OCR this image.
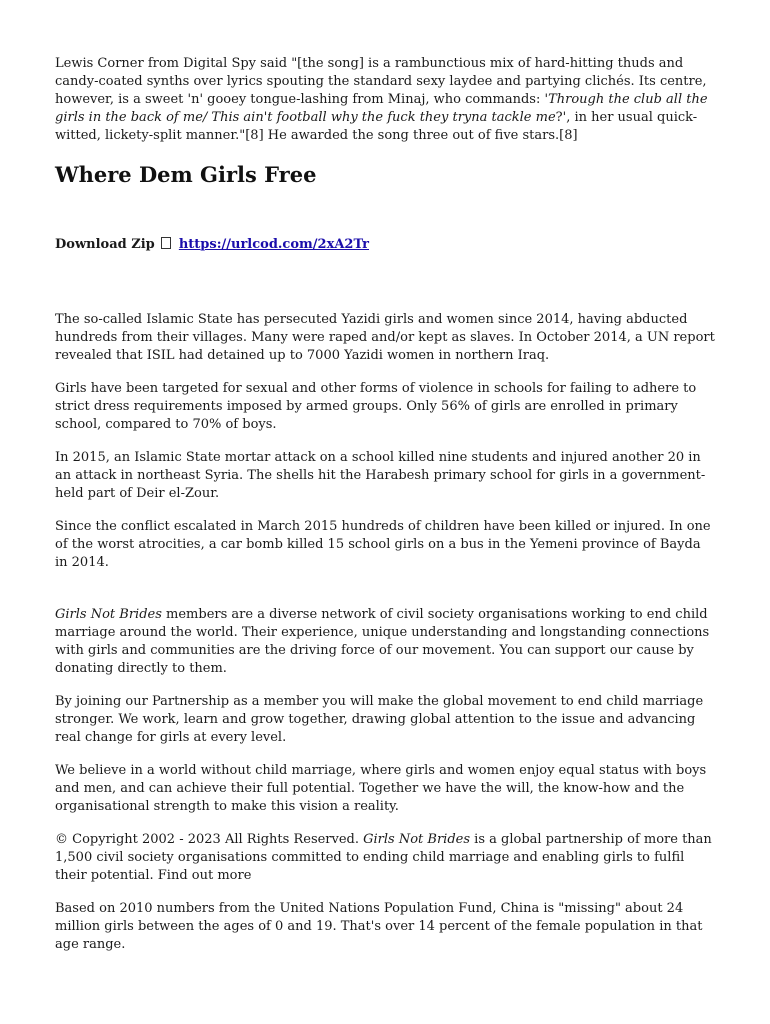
Lewis Corner from Digital Spy said "[the song] is a rambunctious mix of hard-hitting thuds and candy-coated synths over lyrics spouting the standard sexy laydee and partying clichés. Its centre, however, is a sweet 'n' gooey tongue-lashing from Minaj, who commands: 'Through the club all the girls in the back of me/ This ain't football why the fuck they tryna tackle me?', in her usual quick-witted, lickety-split manner."[8] He awarded the song three out of five stars.[8]

Where Dem Girls Free
Download Zip https://urlcod.com/2xA2Tr

The so-called Islamic State has persecuted Yazidi girls and women since 2014, having abducted hundreds from their villages. Many were raped and/or kept as slaves. In October 2014, a UN report revealed that ISIL had detained up to 7000 Yazidi women in northern Iraq.

Girls have been targeted for sexual and other forms of violence in schools for failing to adhere to strict dress requirements imposed by armed groups. Only 56% of girls are enrolled in primary school, compared to 70% of boys.

In 2015, an Islamic State mortar attack on a school killed nine students and injured another 20 in an attack in northeast Syria. The shells hit the Harabesh primary school for girls in a government-held part of Deir el-Zour.

Since the conflict escalated in March 2015 hundreds of children have been killed or injured. In one of the worst atrocities, a car bomb killed 15 school girls on a bus in the Yemeni province of Bayda in 2014.

Girls Not Brides members are a diverse network of civil society organisations working to end child marriage around the world. Their experience, unique understanding and longstanding connections with girls and communities are the driving force of our movement. You can support our cause by donating directly to them.

By joining our Partnership as a member you will make the global movement to end child marriage stronger. We work, learn and grow together, drawing global attention to the issue and advancing real change for girls at every level.

We believe in a world without child marriage, where girls and women enjoy equal status with boys and men, and can achieve their full potential. Together we have the will, the know-how and the organisational strength to make this vision a reality.

© Copyright 2002 - 2023 All Rights Reserved. Girls Not Brides is a global partnership of more than 1,500 civil society organisations committed to ending child marriage and enabling girls to fulfil their potential. Find out more

Based on 2010 numbers from the United Nations Population Fund, China is "missing" about 24 million girls between the ages of 0 and 19. That's over 14 percent of the female population in that age range.
